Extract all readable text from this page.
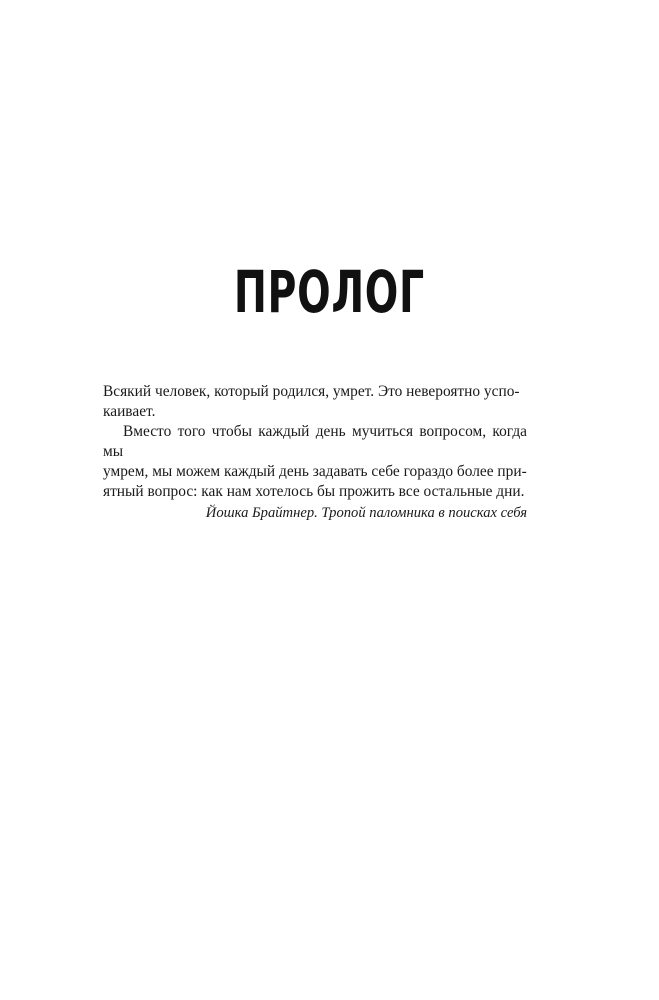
ПРОЛОГ

Всякий человек, который родился, умрет. Это невероятно успо-

каивает.

Вместо того чтобы каждый день мучиться вопросом, когда мы

умрем, мы можем каждый день задавать себе гораздо более при-

ятный вопрос: как нам хотелось бы прожить все остальные дни.

Йошка Брайтнер. Тропой паломника в поисках себя
